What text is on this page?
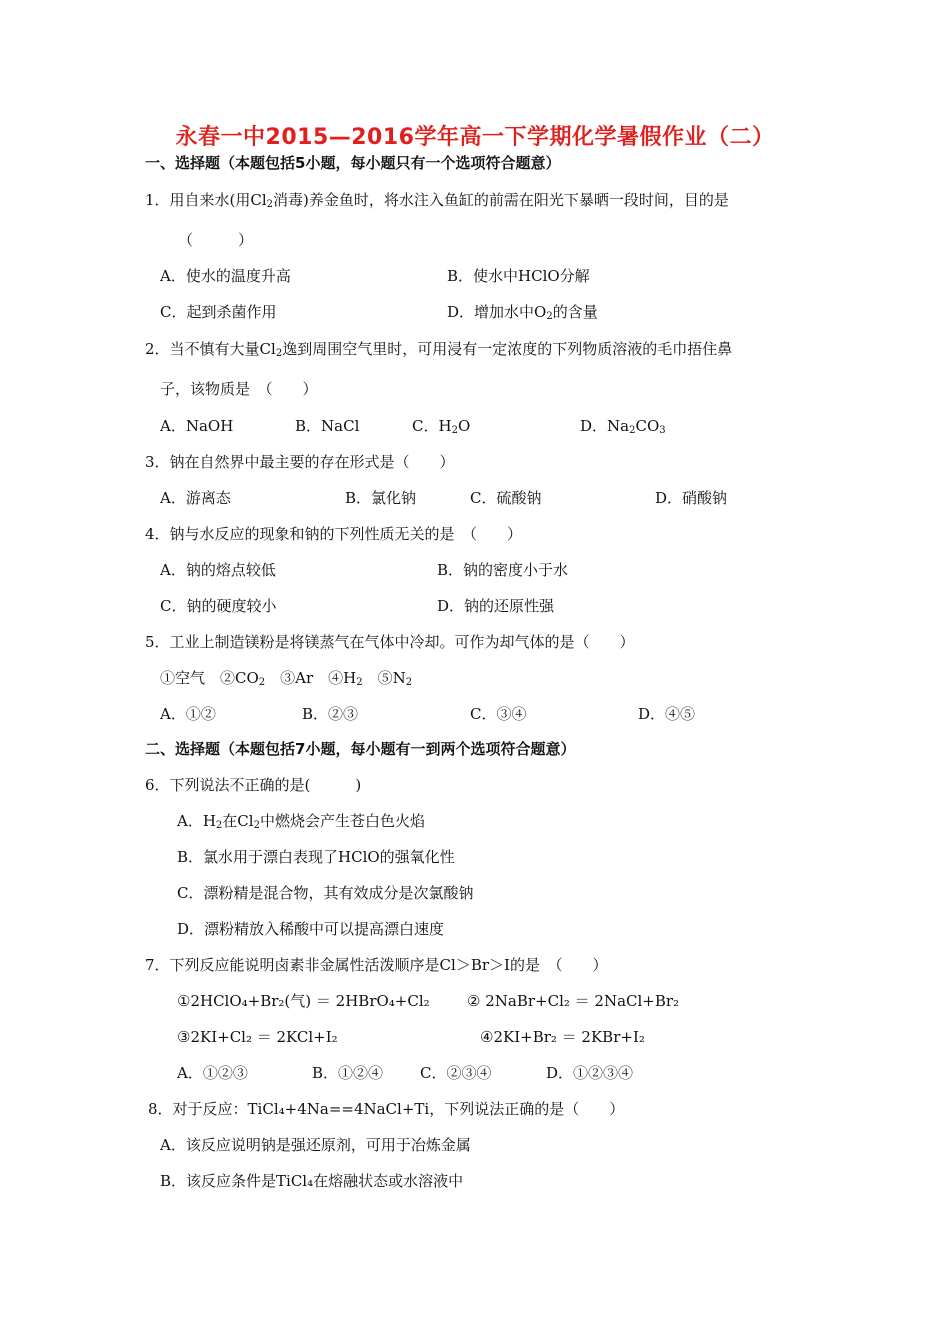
永春一中2015—2016学年高一下学期化学暑假作业（二）
一、选择题（本题包括5小题，每小题只有一个选项符合题意）
1．用自来水(用$Cl_2$消毒)养金鱼时，将水注入鱼缸的前需在阳光下暴晒一段时间，目的是
（　　　）
A．使水的温度升高	B．使水中HClO分解
C．起到杀菌作用	D．增加水中$O_2$的含量
2．当不慎有大量$Cl_2$逸到周围空气里时，可用浸有一定浓度的下列物质溶液的毛巾捂住鼻
子，该物质是　（　　）
A．NaOH	B．NaCl	C．$H_2O$	D．$Na_2CO_3$
3．钠在自然界中最主要的存在形式是（　　）
A．游离态	B．氯化钠	C．硫酸钠	D．硝酸钠
4．钠与水反应的现象和钠的下列性质无关的是　（　　）
A．钠的熔点较低	B．钠的密度小于水
C．钠的硬度较小	D．钠的还原性强
5．工业上制造镁粉是将镁蒸气在气体中冷却。可作为却气体的是（　　）
①空气　$②CO_2$　③Ar　$④H_2$　$⑤N_2$
A．①②	B．②③	C．③④	D．④⑤
二、选择题（本题包括7小题，每小题有一到两个选项符合题意）
6．下列说法不正确的是(　　　)
A．$H_2$在$Cl_2$中燃烧会产生苍白色火焰
B．氯水用于漂白表现了HClO的强氧化性
C．漂粉精是混合物，其有效成分是次氯酸钠
D．漂粉精放入稀酸中可以提高漂白速度
7．下列反应能说明卤素非金属性活泼顺序是Cl＞Br＞I的是　（　　）
①2HClO₄+Br₂(气) ＝ 2HBrO₄+Cl₂ ② 2NaBr+Cl₂ ＝ 2NaCl+Br₂
③2KI+Cl₂ ＝ 2KCl+I₂	④2KI+Br₂ ＝ 2KBr+I₂
A．①②③	B．①②④ C．②③④	D．①②③④
8．对于反应：TiCl₄+4Na==4NaCl+Ti，下列说法正确的是（　　）
A．该反应说明钠是强还原剂，可用于冶炼金属
B．该反应条件是TiCl₄在熔融状态或水溶液中
